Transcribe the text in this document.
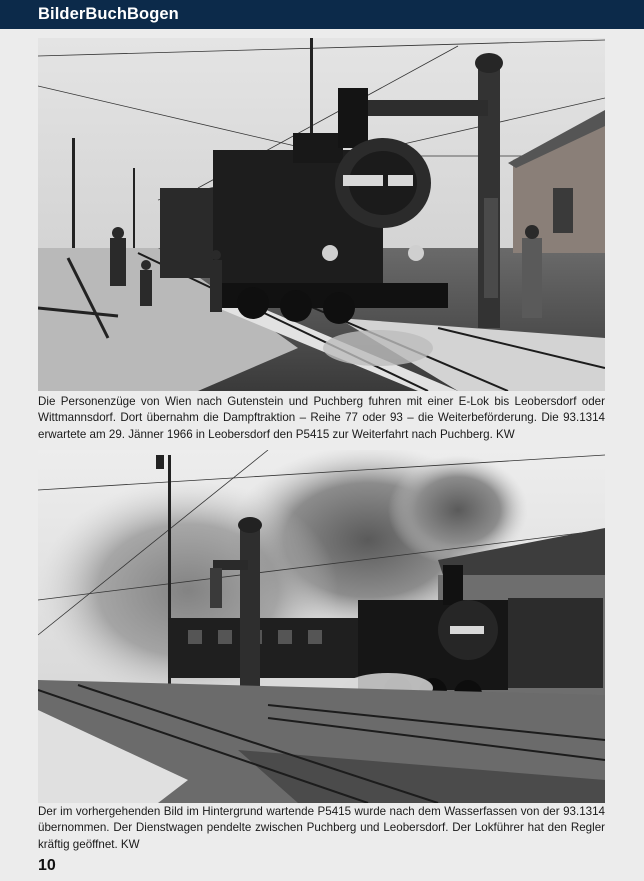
BilderBuchBogen
Die Personenzüge von Wien nach Gutenstein und Puchberg fuhren mit einer E-Lok bis Leobersdorf oder Wittmannsdorf. Dort übernahm die Dampftraktion – Reihe 77 oder 93 – die Weiterbeförderung. Die 93.1314 erwartete am 29. Jänner 1966 in Leobersdorf den P5415 zur Weiterfahrt nach Puchberg. KW
Der im vorhergehenden Bild im Hintergrund wartende P5415 wurde nach dem Wasserfassen von der 93.1314 übernommen. Der Dienstwagen pendelte zwischen Puchberg und Leobersdorf. Der Lokführer hat den Regler kräftig geöffnet. KW
10
